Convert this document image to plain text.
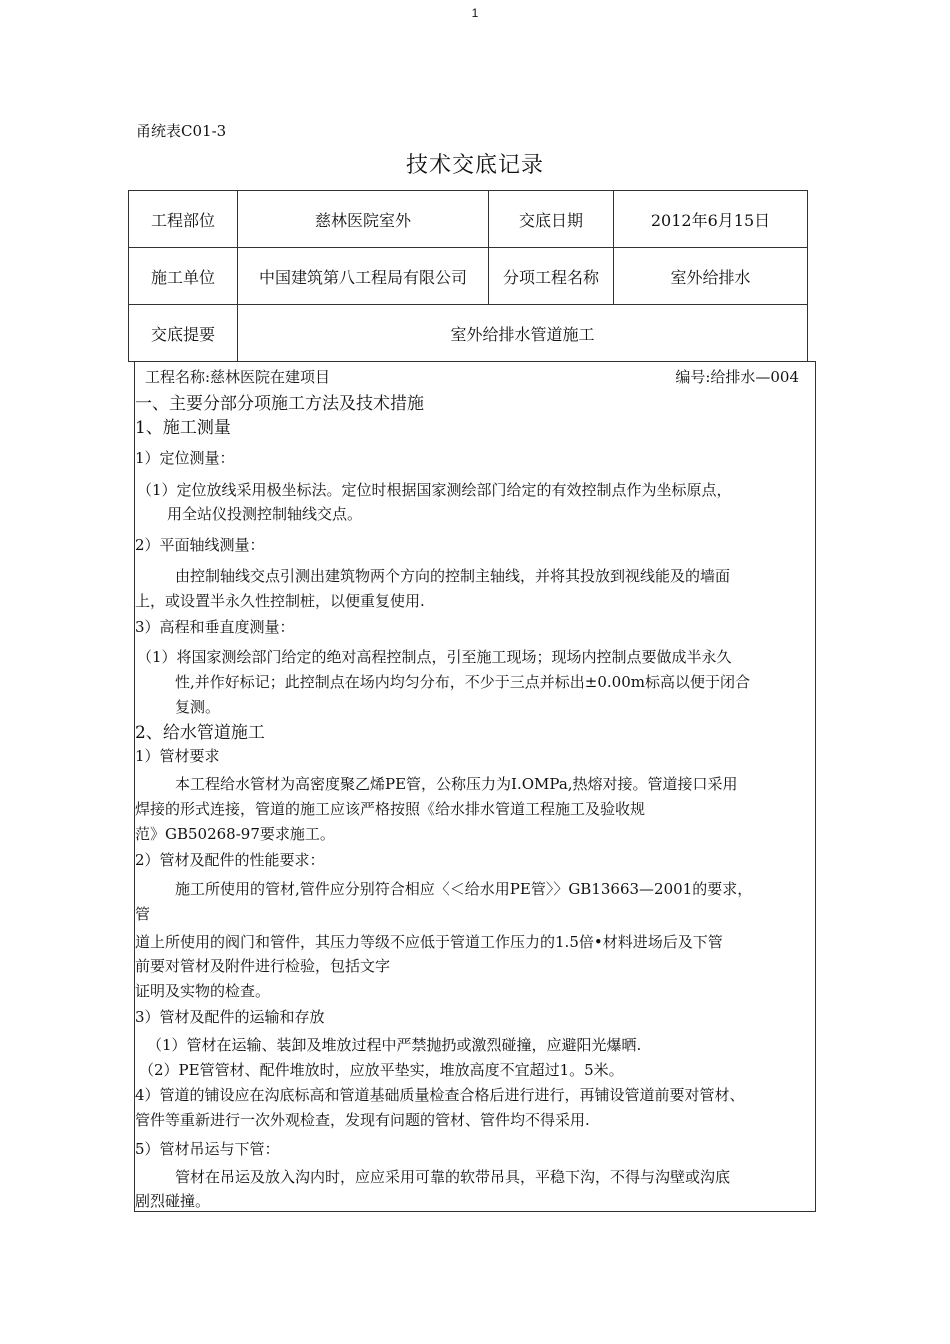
1
甬统表C01-3
技术交底记录
工程部位	慈林医院室外	交底日期	2012年6月15日
施工单位	中国建筑第八工程局有限公司	分项工程名称	室外给排水
交底提要	室外给排水管道施工		
工程名称:慈林医院在建项目	编号:给排水—004
一、主要分部分项施工方法及技术措施
1、施工测量
1）定位测量：
（1）定位放线采用极坐标法。定位时根据国家测绘部门给定的有效控制点作为坐标原点，
用全站仪投测控制轴线交点。
2）平面轴线测量：
由控制轴线交点引测出建筑物两个方向的控制主轴线，并将其投放到视线能及的墙面
上，或设置半永久性控制桩，以便重复使用.
3）高程和垂直度测量：
（1）将国家测绘部门给定的绝对高程控制点，引至施工现场；现场内控制点要做成半永久
性,并作好标记；此控制点在场内均匀分布，不少于三点并标出±0.00m标高以便于闭合
复测。
2、给水管道施工
1）管材要求
本工程给水管材为高密度聚乙烯PE管，公称压力为I.OMPa,热熔对接。管道接口采用
焊接的形式连接，管道的施工应该严格按照《给水排水管道工程施工及验收规
范》GB50268-97要求施工。
2）管材及配件的性能要求：
施工所使用的管材,管件应分别符合相应〈＜给水用PE管〉〉GB13663—2001的要求，
管
道上所使用的阀门和管件，其压力等级不应低于管道工作压力的1.5倍•材料进场后及下管
前要对管材及附件进行检验，包括文字
证明及实物的检查。
3）管材及配件的运输和存放
（1）管材在运输、装卸及堆放过程中严禁抛扔或激烈碰撞，应避阳光爆晒.
（2）PE管管材、配件堆放时，应放平垫实，堆放高度不宜超过1。5米。
4）管道的铺设应在沟底标高和管道基础质量检查合格后进行进行，再铺设管道前要对管材、
管件等重新进行一次外观检查，发现有问题的管材、管件均不得采用.
5）管材吊运与下管：
管材在吊运及放入沟内时，应应采用可靠的软带吊具，平稳下沟，不得与沟壁或沟底
剧烈碰撞。
